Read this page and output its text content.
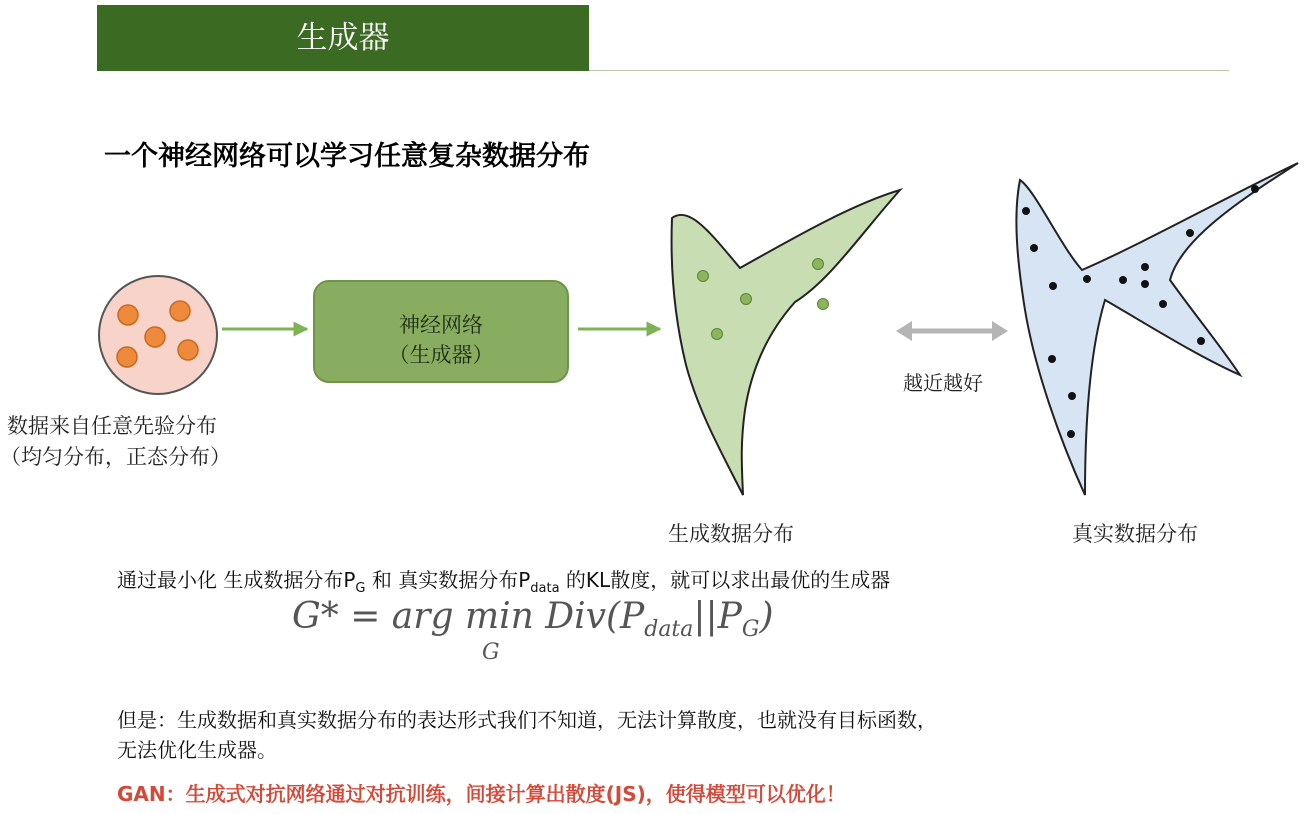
生成器
一个神经网络可以学习任意复杂数据分布
数据来自任意先验分布
（均匀分布，正态分布）
神经网络
（生成器）
越近越好
生成数据分布	真实数据分布
通过最小化 生成数据分布$P_G$ 和 真实数据分布$P_{data}$ 的KL散度，就可以求出最优的生成器
G* = arg $\min Div(P_{data}||P_G)$
G
但是：生成数据和真实数据分布的表达形式我们不知道，无法计算散度，也就没有目标函数，
无法优化生成器。
GAN：生成式对抗网络通过对抗训练，间接计算出散度(JS)，使得模型可以优化！
